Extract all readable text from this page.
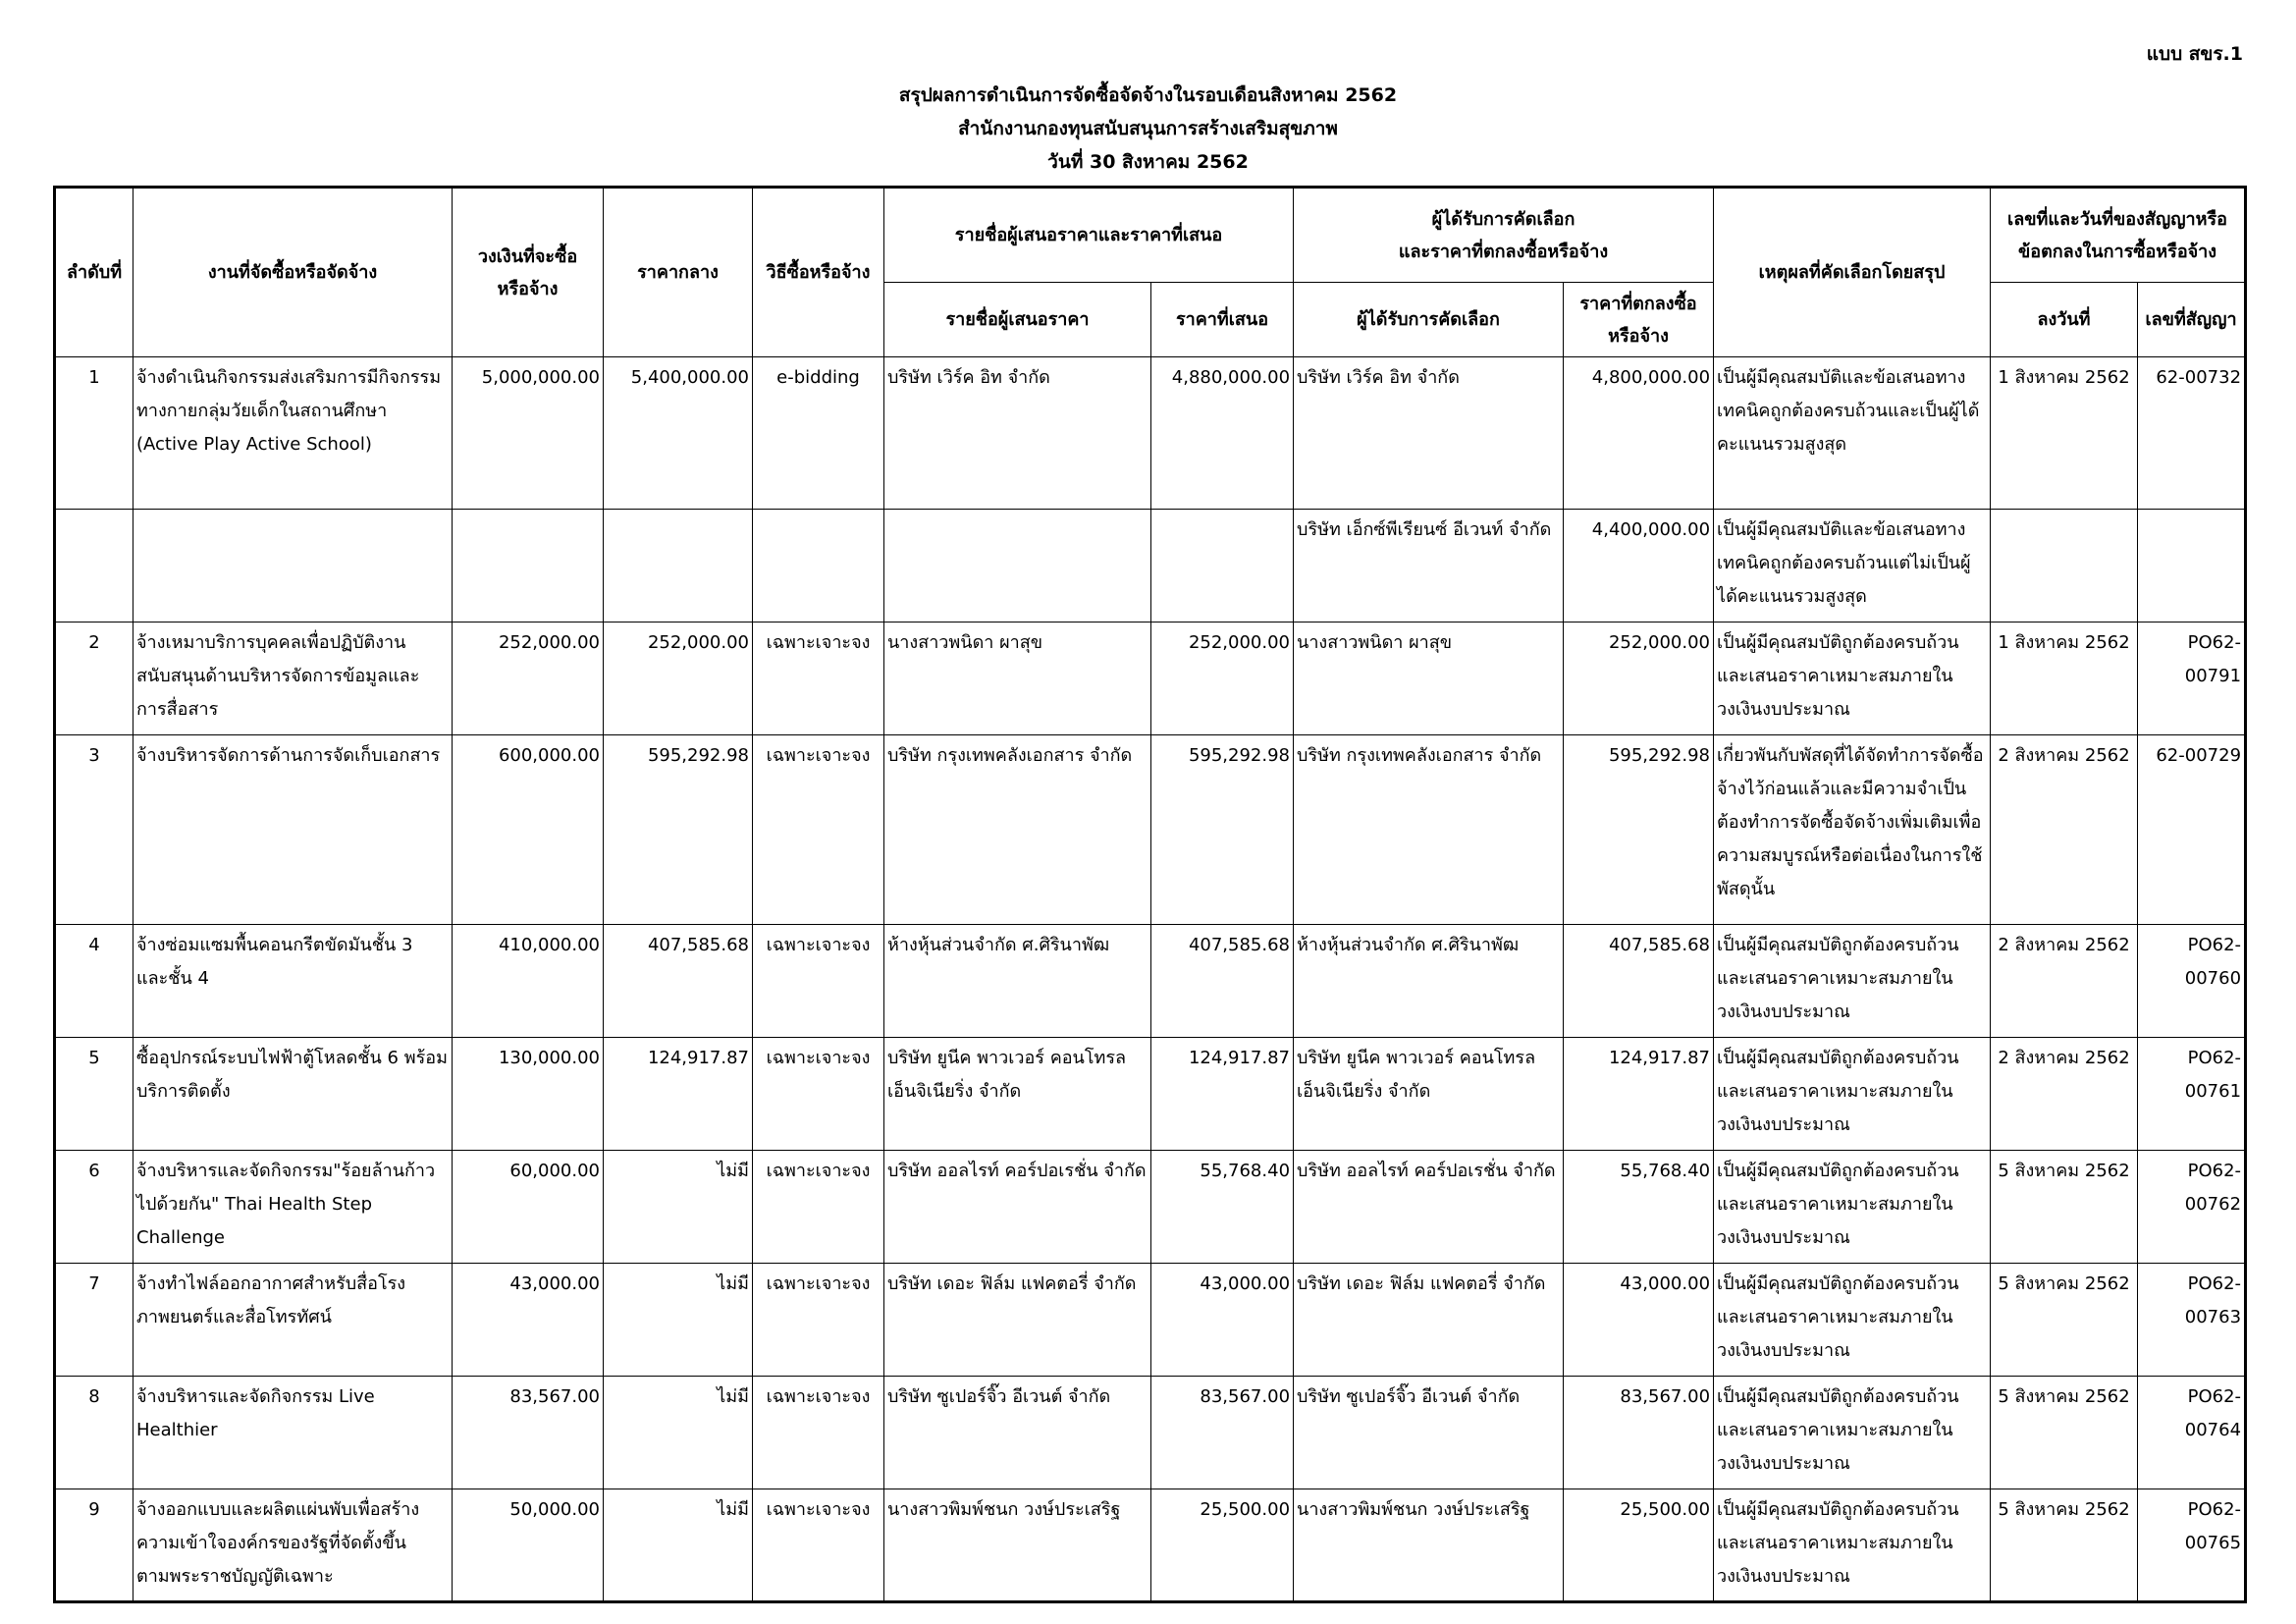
แบบ สขร.1
สรุปผลการดำเนินการจัดซื้อจัดจ้างในรอบเดือนสิงหาคม 2562
สำนักงานกองทุนสนับสนุนการสร้างเสริมสุขภาพ
วันที่ 30 สิงหาคม 2562
ลำดับที่	งานที่จัดซื้อหรือจัดจ้าง	วงเงินที่จะซื้อ
หรือจ้าง	ราคากลาง	วิธีซื้อหรือจ้าง	รายชื่อผู้เสนอราคาและราคาที่เสนอ		ผู้ได้รับการคัดเลือก
และราคาที่ตกลงซื้อหรือจ้าง		เหตุผลที่คัดเลือกโดยสรุป	เลขที่และวันที่ของสัญญาหรือ
ข้อตกลงในการซื้อหรือจ้าง	
					รายชื่อผู้เสนอราคา	ราคาที่เสนอ	ผู้ได้รับการคัดเลือก	ราคาที่ตกลงซื้อ
หรือจ้าง		ลงวันที่	เลขที่สัญญา
1	จ้างดำเนินกิจกรรมส่งเสริมการมีกิจกรรมทางกายกลุ่มวัยเด็กในสถานศึกษา (Active Play Active School)	5,000,000.00	5,400,000.00	e-bidding	บริษัท เวิร์ค อิท จำกัด	4,880,000.00	บริษัท เวิร์ค อิท จำกัด	4,800,000.00	เป็นผู้มีคุณสมบัติและข้อเสนอทางเทคนิคถูกต้องครบถ้วนและเป็นผู้ได้คะแนนรวมสูงสุด	1 สิงหาคม 2562	62-00732
							บริษัท เอ็กซ์พีเรียนซ์ อีเวนท์ จำกัด	4,400,000.00	เป็นผู้มีคุณสมบัติและข้อเสนอทางเทคนิคถูกต้องครบถ้วนแต่ไม่เป็นผู้ได้คะแนนรวมสูงสุด		
2	จ้างเหมาบริการบุคคลเพื่อปฏิบัติงานสนับสนุนด้านบริหารจัดการข้อมูลและการสื่อสาร	252,000.00	252,000.00	เฉพาะเจาะจง	นางสาวพนิดา ผาสุข	252,000.00	นางสาวพนิดา ผาสุข	252,000.00	เป็นผู้มีคุณสมบัติถูกต้องครบถ้วนและเสนอราคาเหมาะสมภายในวงเงินงบประมาณ	1 สิงหาคม 2562	PO62-00791
3	จ้างบริหารจัดการด้านการจัดเก็บเอกสาร	600,000.00	595,292.98	เฉพาะเจาะจง	บริษัท กรุงเทพคลังเอกสาร จำกัด	595,292.98	บริษัท กรุงเทพคลังเอกสาร จำกัด	595,292.98	เกี่ยวพันกับพัสดุที่ได้จัดทำการจัดซื้อจ้างไว้ก่อนแล้วและมีความจำเป็นต้องทำการจัดซื้อจัดจ้างเพิ่มเติมเพื่อความสมบูรณ์หรือต่อเนื่องในการใช้พัสดุนั้น	2 สิงหาคม 2562	62-00729
4	จ้างซ่อมแซมพื้นคอนกรีตขัดมันชั้น 3 และชั้น 4	410,000.00	407,585.68	เฉพาะเจาะจง	ห้างหุ้นส่วนจำกัด ศ.ศิรินาพัฒ	407,585.68	ห้างหุ้นส่วนจำกัด ศ.ศิรินาพัฒ	407,585.68	เป็นผู้มีคุณสมบัติถูกต้องครบถ้วนและเสนอราคาเหมาะสมภายในวงเงินงบประมาณ	2 สิงหาคม 2562	PO62-00760
5	ซื้ออุปกรณ์ระบบไฟฟ้าตู้โหลดชั้น 6 พร้อมบริการติดตั้ง	130,000.00	124,917.87	เฉพาะเจาะจง	บริษัท ยูนีค พาวเวอร์ คอนโทรล เอ็นจิเนียริ่ง จำกัด	124,917.87	บริษัท ยูนีค พาวเวอร์ คอนโทรล เอ็นจิเนียริ่ง จำกัด	124,917.87	เป็นผู้มีคุณสมบัติถูกต้องครบถ้วนและเสนอราคาเหมาะสมภายในวงเงินงบประมาณ	2 สิงหาคม 2562	PO62-00761
6	จ้างบริหารและจัดกิจกรรม"ร้อยล้านก้าวไปด้วยกัน" Thai Health Step Challenge	60,000.00	ไม่มี	เฉพาะเจาะจง	บริษัท ออลไรท์ คอร์ปอเรชั่น จำกัด	55,768.40	บริษัท ออลไรท์ คอร์ปอเรชั่น จำกัด	55,768.40	เป็นผู้มีคุณสมบัติถูกต้องครบถ้วนและเสนอราคาเหมาะสมภายในวงเงินงบประมาณ	5 สิงหาคม 2562	PO62-00762
7	จ้างทำไฟล์ออกอากาศสำหรับสื่อโรงภาพยนตร์และสื่อโทรทัศน์	43,000.00	ไม่มี	เฉพาะเจาะจง	บริษัท เดอะ ฟิล์ม แฟคตอรี่ จำกัด	43,000.00	บริษัท เดอะ ฟิล์ม แฟคตอรี่ จำกัด	43,000.00	เป็นผู้มีคุณสมบัติถูกต้องครบถ้วนและเสนอราคาเหมาะสมภายในวงเงินงบประมาณ	5 สิงหาคม 2562	PO62-00763
8	จ้างบริหารและจัดกิจกรรม Live Healthier	83,567.00	ไม่มี	เฉพาะเจาะจง	บริษัท ซูเปอร์จิ๊ว อีเวนต์ จำกัด	83,567.00	บริษัท ซูเปอร์จิ๊ว อีเวนต์ จำกัด	83,567.00	เป็นผู้มีคุณสมบัติถูกต้องครบถ้วนและเสนอราคาเหมาะสมภายในวงเงินงบประมาณ	5 สิงหาคม 2562	PO62-00764
9	จ้างออกแบบและผลิตแผ่นพับเพื่อสร้างความเข้าใจองค์กรของรัฐที่จัดตั้งขึ้นตามพระราชบัญญัติเฉพาะ	50,000.00	ไม่มี	เฉพาะเจาะจง	นางสาวพิมพ์ชนก วงษ์ประเสริฐ	25,500.00	นางสาวพิมพ์ชนก วงษ์ประเสริฐ	25,500.00	เป็นผู้มีคุณสมบัติถูกต้องครบถ้วนและเสนอราคาเหมาะสมภายในวงเงินงบประมาณ	5 สิงหาคม 2562	PO62-00765
